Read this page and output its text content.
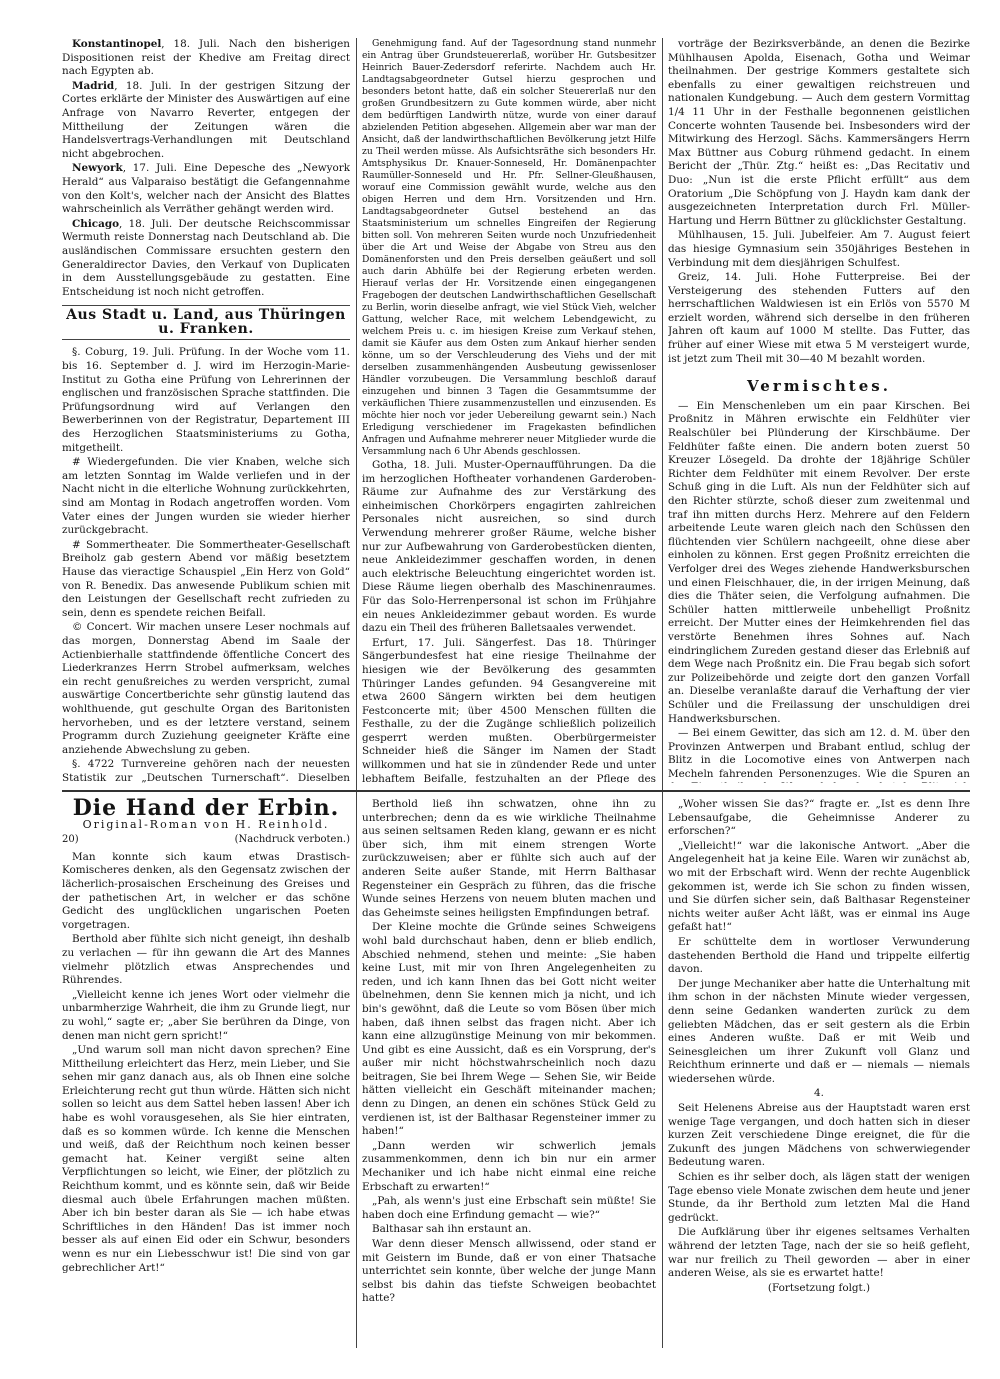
Konstantinopel, 18. Juli. Nach den bisherigen Dispositionen reist der Khedive am Freitag direct nach Egypten ab.

Madrid, 18. Juli. In der gestrigen Sitzung der Cortes erklärte der Minister des Auswärtigen auf eine Anfrage von Navarro Reverter, entgegen der Mittheilung der Zeitungen wären die Handelsvertrags-Verhandlungen mit Deutschland nicht abgebrochen.

Newyork, 17. Juli. Eine Depesche des „Newyork Herald“ aus Valparaiso bestätigt die Gefangennahme von den Kolt's, welcher nach der Ansicht des Blattes wahrscheinlich als Verräther gehängt werden wird.

Chicago, 18. Juli. Der deutsche Reichscommissar Wermuth reiste Donnerstag nach Deutschland ab. Die ausländischen Commissare ersuchten gestern den Generaldirector Davies, den Verkauf von Duplicaten in dem Ausstellungsgebäude zu gestatten. Eine Entscheidung ist noch nicht getroffen.

Aus Stadt u. Land, aus Thüringen u. Franken.

§. Coburg, 19. Juli. Prüfung. In der Woche vom 11. bis 16. September d. J. wird im Herzogin-Marie-Institut zu Gotha eine Prüfung von Lehrerinnen der englischen und französischen Sprache stattfinden. Die Prüfungsordnung wird auf Verlangen den Bewerberinnen von der Registratur, Departement III des Herzoglichen Staatsministeriums zu Gotha, mitgetheilt.

# Wiedergefunden. Die vier Knaben, welche sich am letzten Sonntag im Walde verliefen und in der Nacht nicht in die elterliche Wohnung zurückkehrten, sind am Montag in Rodach angetroffen worden. Vom Vater eines der Jungen wurden sie wieder hierher zurückgebracht.

# Sommertheater. Die Sommertheater-Gesellschaft Breiholz gab gestern Abend vor mäßig besetztem Hause das vieractige Schauspiel „Ein Herz von Gold“ von R. Benedix. Das anwesende Publikum schien mit den Leistungen der Gesellschaft recht zufrieden zu sein, denn es spendete reichen Beifall.

© Concert. Wir machen unsere Leser nochmals auf das morgen, Donnerstag Abend im Saale der Actienbierhalle stattfindende öffentliche Concert des Liederkranzes Herrn Strobel aufmerksam, welches ein recht genußreiches zu werden verspricht, zumal auswärtige Concertberichte sehr günstig lautend das wohlthuende, gut geschulte Organ des Baritonisten hervorheben, und es der letztere verstand, seinem Programm durch Zuziehung geeigneter Kräfte eine anziehende Abwechslung zu geben.

§. 4722 Turnvereine gehören nach der neuesten Statistik zur „Deutschen Turnerschaft“. Dieselben

Genehmigung fand. Auf der Tagesordnung stand nunmehr ein Antrag über Grundsteuererlaß, worüber Hr. Gutsbesitzer Heinrich Bauer-Zedersdorf referirte. Nachdem auch Hr. Landtagsabgeordneter Gutsel hierzu gesprochen und besonders betont hatte, daß ein solcher Steuererlaß nur den großen Grundbesitzern zu Gute kommen würde, aber nicht dem bedürftigen Landwirth nütze, wurde von einer darauf abzielenden Petition abgesehen. Allgemein aber war man der Ansicht, daß der landwirthschaftlichen Bevölkerung jetzt Hilfe zu Theil werden müsse. Als Aufsichtsräthe sich besonders Hr. Amtsphysikus Dr. Knauer-Sonneseld, Hr. Domänenpachter Raumüller-Sonneseld und Hr. Pfr. Sellner-Gleußhausen, worauf eine Commission gewählt wurde, welche aus den obigen Herren und dem Hrn. Vorsitzenden und Hrn. Landtagsabgeordneter Gutsel bestehend an das Staatsministerium um schnelles Eingreifen der Regierung bitten soll. Von mehreren Seiten wurde noch Unzufriedenheit über die Art und Weise der Abgabe von Streu aus den Domänenforsten und den Preis derselben geäußert und soll auch darin Abhülfe bei der Regierung erbeten werden. Hierauf verlas der Hr. Vorsitzende einen eingegangenen Fragebogen der deutschen Landwirthschaftlichen Gesellschaft zu Berlin, worin dieselbe anfragt, wie viel Stück Vieh, welcher Gattung, welcher Race, mit welchem Lebendgewicht, zu welchem Preis u. c. im hiesigen Kreise zum Verkauf stehen, damit sie Käufer aus dem Osten zum Ankauf hierher senden könne, um so der Verschleuderung des Viehs und der mit derselben zusammenhängenden Ausbeutung gewissenloser Händler vorzubeugen. Die Versammlung beschloß darauf einzugehen und binnen 3 Tagen die Gesammtsumme der verkäuflichen Thiere zusammenzustellen und einzusenden. Es möchte hier noch vor jeder Uebereilung gewarnt sein.) Nach Erledigung verschiedener im Fragekasten befindlichen Anfragen und Aufnahme mehrerer neuer Mitglieder wurde die Versammlung nach 6 Uhr Abends geschlossen.

Gotha, 18. Juli. Muster-Opernaufführungen. Da die im herzoglichen Hoftheater vorhandenen Garderoben-Räume zur Aufnahme des zur Verstärkung des einheimischen Chorkörpers engagirten zahlreichen Personales nicht ausreichen, so sind durch Verwendung mehrerer großer Räume, welche bisher nur zur Aufbewahrung von Garderobestücken dienten, neue Ankleidezimmer geschaffen worden, in denen auch elektrische Beleuchtung eingerichtet worden ist. Diese Räume liegen oberhalb des Maschinenraumes. Für das Solo-Herrenpersonal ist schon im Frühjahre ein neues Ankleidezimmer gebaut worden. Es wurde dazu ein Theil des früheren Balletsaales verwendet.

Erfurt, 17. Juli. Sängerfest. Das 18. Thüringer Sängerbundesfest hat eine riesige Theilnahme der hiesigen wie der Bevölkerung des gesammten Thüringer Landes gefunden. 94 Gesangvereine mit etwa 2600 Sängern wirkten bei dem heutigen Festconcerte mit; über 4500 Menschen füllten die Festhalle, zu der die Zugänge schließlich polizeilich gesperrt werden mußten. Oberbürgermeister Schneider hieß die Sänger im Namen der Stadt willkommen und hat sie in zündender Rede und unter lebhaftem Beifalle, festzuhalten an der Pflege des

vorträge der Bezirksverbände, an denen die Bezirke Mühlhausen Apolda, Eisenach, Gotha und Weimar theilnahmen. Der gestrige Kommers gestaltete sich ebenfalls zu einer gewaltigen reichstreuen und nationalen Kundgebung. — Auch dem gestern Vormittag 1/4 11 Uhr in der Festhalle begonnenen geistlichen Concerte wohnten Tausende bei. Insbesonders wird der Mitwirkung des Herzogl. Sächs. Kammersängers Herrn Max Büttner aus Coburg rühmend gedacht. In einem Bericht der „Thür. Ztg.“ heißt es: „Das Recitativ und Duo: „Nun ist die erste Pflicht erfüllt“ aus dem Oratorium „Die Schöpfung von J. Haydn kam dank der ausgezeichneten Interpretation durch Frl. Müller-Hartung und Herrn Büttner zu glücklichster Gestaltung.

Mühlhausen, 15. Juli. Jubelfeier. Am 7. August feiert das hiesige Gymnasium sein 350jähriges Bestehen in Verbindung mit dem diesjährigen Schulfest.

Greiz, 14. Juli. Hohe Futterpreise. Bei der Versteigerung des stehenden Futters auf den herrschaftlichen Waldwiesen ist ein Erlös von 5570 M erzielt worden, während sich derselbe in den früheren Jahren oft kaum auf 1000 M stellte. Das Futter, das früher auf einer Wiese mit etwa 5 M versteigert wurde, ist jetzt zum Theil mit 30—40 M bezahlt worden.

Vermischtes.

— Ein Menschenleben um ein paar Kirschen. Bei Proßnitz in Mähren erwischte ein Feldhüter vier Realschüler bei Plünderung der Kirschbäume. Der Feldhüter faßte einen. Die andern boten zuerst 50 Kreuzer Lösegeld. Da drohte der 18jährige Schüler Richter dem Feldhüter mit einem Revolver. Der erste Schuß ging in die Luft. Als nun der Feldhüter sich auf den Richter stürzte, schoß dieser zum zweitenmal und traf ihn mitten durchs Herz. Mehrere auf den Feldern arbeitende Leute waren gleich nach den Schüssen den flüchtenden vier Schülern nachgeeilt, ohne diese aber einholen zu können. Erst gegen Proßnitz erreichten die Verfolger drei des Weges ziehende Handwerksburschen und einen Fleischhauer, die, in der irrigen Meinung, daß dies die Thäter seien, die Verfolgung aufnahmen. Die Schüler hatten mittlerweile unbehelligt Proßnitz erreicht. Der Mutter eines der Heimkehrenden fiel das verstörte Benehmen ihres Sohnes auf. Nach eindringlichem Zureden gestand dieser das Erlebniß auf dem Wege nach Proßnitz ein. Die Frau begab sich sofort zur Polizeibehörde und zeigte dort den ganzen Vorfall an. Dieselbe veranlaßte darauf die Verhaftung der vier Schüler und die Freilassung der unschuldigen drei Handwerksburschen.

— Bei einem Gewitter, das sich am 12. d. M. über den Provinzen Antwerpen und Brabant entlud, schlug der Blitz in die Locomotive eines von Antwerpen nach Mecheln fahrenden Personenzuges. Wie die Spuren an

Die Hand der Erbin.
Original-Roman von H. Reinhold.
20)	(Nachdruck verboten.)

Man konnte sich kaum etwas Drastisch-Komischeres denken, als den Gegensatz zwischen der lächerlich-prosaischen Erscheinung des Greises und der pathetischen Art, in welcher er das schöne Gedicht des unglücklichen ungarischen Poeten vorgetragen.

Berthold aber fühlte sich nicht geneigt, ihn deshalb zu verlachen — für ihn gewann die Art des Mannes vielmehr plötzlich etwas Ansprechendes und Rührendes.

„Vielleicht kenne ich jenes Wort oder vielmehr die unbarmherzige Wahrheit, die ihm zu Grunde liegt, nur zu wohl,“ sagte er; „aber Sie berühren da Dinge, von denen man nicht gern spricht!“

„Und warum soll man nicht davon sprechen? Eine Mittheilung erleichtert das Herz, mein Lieber, und Sie sehen mir ganz danach aus, als ob Ihnen eine solche Erleichterung recht gut thun würde. Hätten sich nicht sollen so leicht aus dem Sattel heben lassen! Aber ich habe es wohl vorausgesehen, als Sie hier eintraten, daß es so kommen würde. Ich kenne die Menschen und weiß, daß der Reichthum noch keinen besser gemacht hat. Keiner vergißt seine alten Verpflichtungen so leicht, wie Einer, der plötzlich zu Reichthum kommt, und es könnte sein, daß wir Beide diesmal auch übele Erfahrungen machen müßten. Aber ich bin bester daran als Sie — ich habe etwas Schriftliches in den Händen! Das ist immer noch besser als auf einen Eid oder ein Schwur, besonders wenn es nur ein Liebesschwur ist! Die sind von gar gebrechlicher Art!“

Berthold ließ ihn schwatzen, ohne ihn zu unterbrechen; denn da es wie wirkliche Theilnahme aus seinen seltsamen Reden klang, gewann er es nicht über sich, ihm mit einem strengen Worte zurückzuweisen; aber er fühlte sich auch auf der anderen Seite außer Stande, mit Herrn Balthasar Regensteiner ein Gespräch zu führen, das die frische Wunde seines Herzens von neuem bluten machen und das Geheimste seines heiligsten Empfindungen betraf.

Der Kleine mochte die Gründe seines Schweigens wohl bald durchschaut haben, denn er blieb endlich, Abschied nehmend, stehen und meinte: „Sie haben keine Lust, mit mir von Ihren Angelegenheiten zu reden, und ich kann Ihnen das bei Gott nicht weiter übelnehmen, denn Sie kennen mich ja nicht, und ich bin's gewöhnt, daß die Leute so vom Bösen über mich haben, daß ihnen selbst das fragen nicht. Aber ich kann eine allzugünstige Meinung von mir bekommen. Und gibt es eine Aussicht, daß es ein Vorsprung, der's außer mir nicht höchstwahrscheinlich noch dazu beitragen, Sie bei Ihrem Wege — Sehen Sie, wir Beide hätten vielleicht ein Geschäft miteinander machen; denn zu Dingen, an denen ein schönes Stück Geld zu verdienen ist, ist der Balthasar Regensteiner immer zu haben!“

„Dann werden wir schwerlich jemals zusammenkommen, denn ich bin nur ein armer Mechaniker und ich habe nicht einmal eine reiche Erbschaft zu erwarten!“

„Pah, als wenn's just eine Erbschaft sein müßte! Sie haben doch eine Erfindung gemacht — wie?“

Balthasar sah ihn erstaunt an.

War denn dieser Mensch allwissend, oder stand er mit Geistern im Bunde, daß er von einer Thatsache unterrichtet sein konnte, über welche der junge Mann selbst bis dahin das tiefste Schweigen beobachtet hatte?

„Woher wissen Sie das?“ fragte er. „Ist es denn Ihre Lebensaufgabe, die Geheimnisse Anderer zu erforschen?“

„Vielleicht!“ war die lakonische Antwort. „Aber die Angelegenheit hat ja keine Eile. Waren wir zunächst ab, wo mit der Erbschaft wird. Wenn der rechte Augenblick gekommen ist, werde ich Sie schon zu finden wissen, und Sie dürfen sicher sein, daß Balthasar Regensteiner nichts weiter außer Acht läßt, was er einmal ins Auge gefaßt hat!“

Er schüttelte dem in wortloser Verwunderung dastehenden Berthold die Hand und trippelte eilfertig davon.

Der junge Mechaniker aber hatte die Unterhaltung mit ihm schon in der nächsten Minute wieder vergessen, denn seine Gedanken wanderten zurück zu dem geliebten Mädchen, das er seit gestern als die Erbin eines Anderen wußte. Daß er mit Weib und Seinesgleichen um ihrer Zukunft voll Glanz und Reichthum erinnerte und daß er — niemals — niemals wiedersehen würde.

4.

Seit Helenens Abreise aus der Hauptstadt waren erst wenige Tage vergangen, und doch hatten sich in dieser kurzen Zeit verschiedene Dinge ereignet, die für die Zukunft des jungen Mädchens von schwerwiegender Bedeutung waren.

Schien es ihr selber doch, als lägen statt der wenigen Tage ebenso viele Monate zwischen dem heute und jener Stunde, da ihr Berthold zum letzten Mal die Hand gedrückt.

Die Aufklärung über ihr eigenes seltsames Verhalten während der letzten Tage, nach der sie so heiß gefleht, war nur freilich zu Theil geworden — aber in einer anderen Weise, als sie es erwartet hatte!

(Fortsetzung folgt.)
